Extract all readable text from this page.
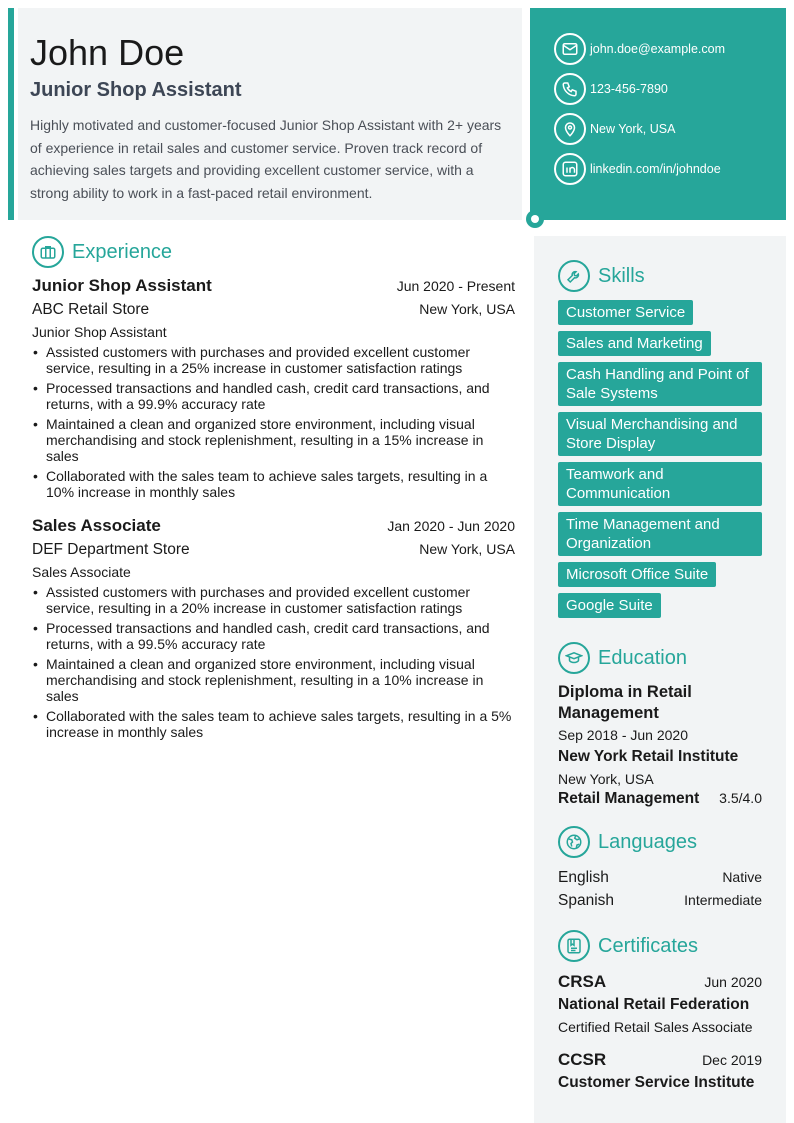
John Doe
Junior Shop Assistant
Highly motivated and customer-focused Junior Shop Assistant with 2+ years of experience in retail sales and customer service. Proven track record of achieving sales targets and providing excellent customer service, with a strong ability to work in a fast-paced retail environment.
john.doe@example.com
123-456-7890
New York, USA
linkedin.com/in/johndoe
Experience
Junior Shop Assistant	Jun 2020 - Present
ABC Retail Store	New York, USA
Junior Shop Assistant
• Assisted customers with purchases and provided excellent customer service, resulting in a 25% increase in customer satisfaction ratings
• Processed transactions and handled cash, credit card transactions, and returns, with a 99.9% accuracy rate
• Maintained a clean and organized store environment, including visual merchandising and stock replenishment, resulting in a 15% increase in sales
• Collaborated with the sales team to achieve sales targets, resulting in a 10% increase in monthly sales
Sales Associate	Jan 2020 - Jun 2020
DEF Department Store	New York, USA
Sales Associate
• Assisted customers with purchases and provided excellent customer service, resulting in a 20% increase in customer satisfaction ratings
• Processed transactions and handled cash, credit card transactions, and returns, with a 99.5% accuracy rate
• Maintained a clean and organized store environment, including visual merchandising and stock replenishment, resulting in a 10% increase in sales
• Collaborated with the sales team to achieve sales targets, resulting in a 5% increase in monthly sales
Skills
Customer Service
Sales and Marketing
Cash Handling and Point of Sale Systems
Visual Merchandising and Store Display
Teamwork and Communication
Time Management and Organization
Microsoft Office Suite
Google Suite
Education
Diploma in Retail Management
Sep 2018 - Jun 2020
New York Retail Institute
New York, USA
Retail Management 3.5/4.0
Languages
English	Native
Spanish	Intermediate
Certificates
CRSA	Jun 2020
National Retail Federation
Certified Retail Sales Associate
CCSR	Dec 2019
Customer Service Institute
